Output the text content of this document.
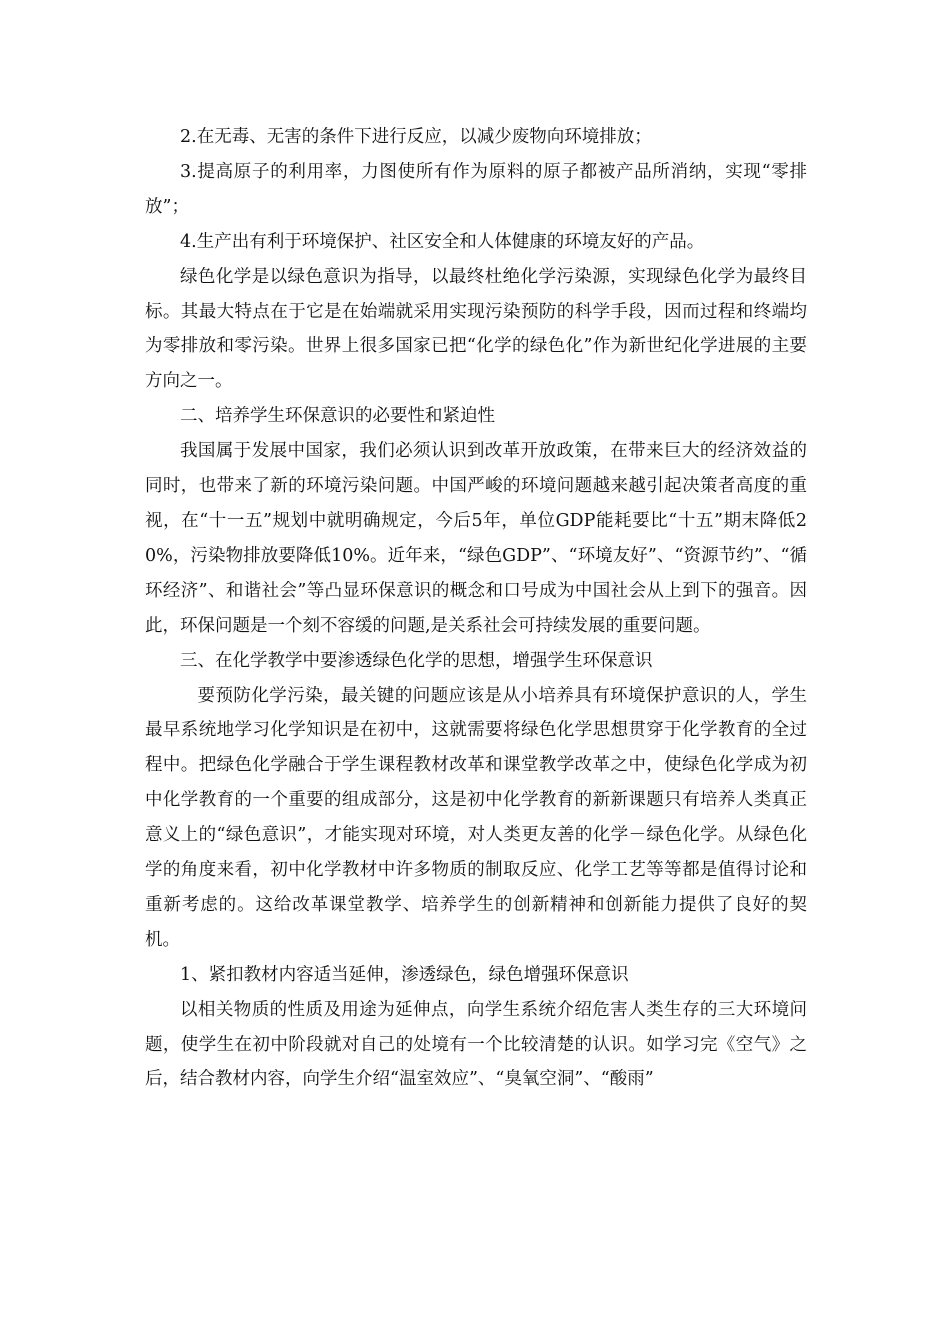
2.在无毒、无害的条件下进行反应，以减少废物向环境排放；

3.提高原子的利用率，力图使所有作为原料的原子都被产品所消纳，实现“零排放”；

4.生产出有利于环境保护、社区安全和人体健康的环境友好的产品。

绿色化学是以绿色意识为指导，以最终杜绝化学污染源，实现绿色化学为最终目标。其最大特点在于它是在始端就采用实现污染预防的科学手段，因而过程和终端均为零排放和零污染。世界上很多国家已把“化学的绿色化”作为新世纪化学进展的主要方向之一。

二、培养学生环保意识的必要性和紧迫性

我国属于发展中国家，我们必须认识到改革开放政策，在带来巨大的经济效益的同时，也带来了新的环境污染问题。中国严峻的环境问题越来越引起决策者高度的重视，在“十一五”规划中就明确规定，今后5年，单位GDP能耗要比“十五”期末降低20%，污染物排放要降低10%。近年来，“绿色GDP”、“环境友好”、“资源节约”、“循环经济”、和谐社会”等凸显环保意识的概念和口号成为中国社会从上到下的强音。因此，环保问题是一个刻不容缓的问题,是关系社会可持续发展的重要问题。

三、在化学教学中要渗透绿色化学的思想，增强学生环保意识

要预防化学污染，最关键的问题应该是从小培养具有环境保护意识的人，学生最早系统地学习化学知识是在初中，这就需要将绿色化学思想贯穿于化学教育的全过程中。把绿色化学融合于学生课程教材改革和课堂教学改革之中，使绿色化学成为初中化学教育的一个重要的组成部分，这是初中化学教育的新新课题只有培养人类真正意义上的“绿色意识”，才能实现对环境，对人类更友善的化学－绿色化学。从绿色化学的角度来看，初中化学教材中许多物质的制取反应、化学工艺等等都是值得讨论和重新考虑的。这给改革课堂教学、培养学生的创新精神和创新能力提供了良好的契机。

1、紧扣教材内容适当延伸，渗透绿色，绿色增强环保意识

以相关物质的性质及用途为延伸点，向学生系统介绍危害人类生存的三大环境问题，使学生在初中阶段就对自己的处境有一个比较清楚的认识。如学习完《空气》之后，结合教材内容，向学生介绍“温室效应”、“臭氧空洞”、“酸雨”
